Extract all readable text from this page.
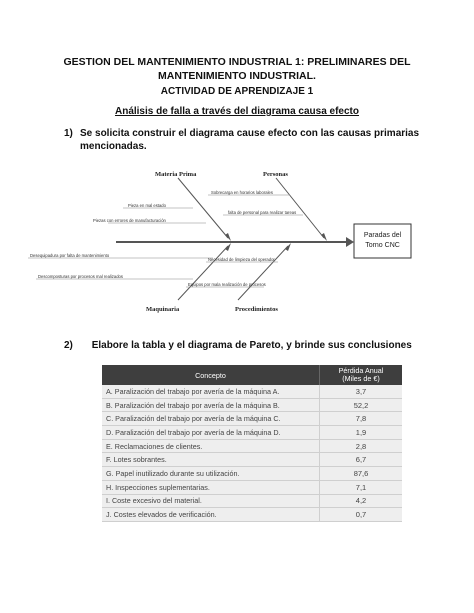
GESTION DEL MANTENIMIENTO INDUSTRIAL 1: PRELIMINARES DEL MANTENIMIENTO INDUSTRIAL.
ACTIVIDAD DE APRENDIZAJE 1
Análisis de falla a través del diagrama causa efecto
1) Se solicita construir el diagrama cause efecto con las causas primarias mencionadas.
Paradas del
Torno CNC
Pieza en mal estado
Piezas con errores de manufacturación
Sobrecarga en horarios laborales
falta de personal para realizar tareas
Desequipadura por falta de mantenimiento
Descomposturas por procesos mal realizados
Necesidad de limpieza del operador
Equipos por mala realización de procesos
Materia Prima	Personas
Maquinaria	Procedimientos
2) Elabore la tabla y el diagrama de Pareto, y brinde sus conclusiones
Concepto	Pérdida Anual
(Miles de €)
A. Paralización del trabajo por avería de la máquina A.	3,7
B. Paralización del trabajo por avería de la máquina B.	52,2
C. Paralización del trabajo por avería de la máquina C.	7,8
D. Paralización del trabajo por avería de la máquina D.	1,9
E. Reclamaciones de clientes.	2,8
F. Lotes sobrantes.	6,7
G. Papel inutilizado durante su utilización.	87,6
H. Inspecciones suplementarias.	7,1
I. Coste excesivo del material.	4,2
J. Costes elevados de verificación.	0,7
